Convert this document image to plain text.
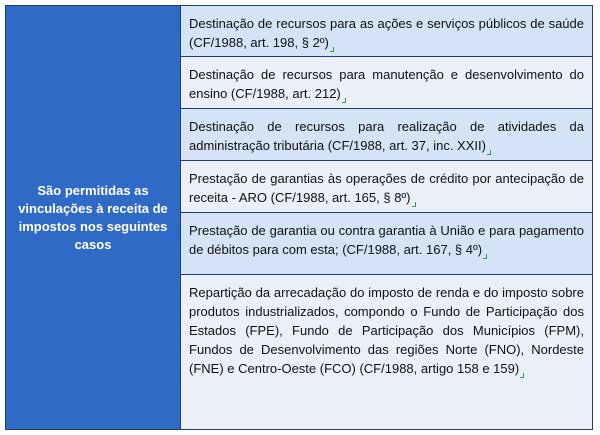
São permitidas as vinculações à receita de impostos nos seguintes casos
Destinação de recursos para as ações e serviços públicos de saúde (CF/1988, art. 198, § 2º)
Destinação de recursos para manutenção e desenvolvimento do ensino (CF/1988, art. 212)
Destinação de recursos para realização de atividades da administração tributária (CF/1988, art. 37, inc. XXII)
Prestação de garantias às operações de crédito por antecipação de receita - ARO (CF/1988, art. 165, § 8º)
Prestação de garantia ou contra garantia à União e para pagamento de débitos para com esta; (CF/1988, art. 167, § 4º)
Repartição da arrecadação do imposto de renda e do imposto sobre produtos industrializados, compondo o Fundo de Participação dos Estados (FPE), Fundo de Participação dos Municípios (FPM), Fundos de Desenvolvimento das regiões Norte (FNO), Nordeste (FNE) e Centro-Oeste (FCO) (CF/1988, artigo 158 e 159)
